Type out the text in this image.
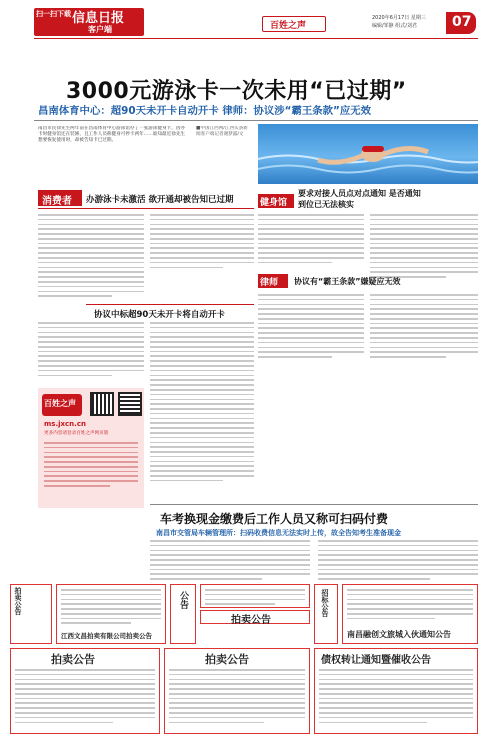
扫一扫下载 信息日报
客户端	百姓之声
2020年6月17日 星期三
编辑/邹静 组式/刘君	07
3000元游泳卡一次未用“已过期”
昌南体育中心：超90天未开卡自动开卡 律师：协议涉“霸王条款”应无效
南昌市民徐先生两年前在昌南体育中心游泳馆办了一张游泳健身卡，因办卡时健身馆还在装修，且工作人员称健身可停卡两年……谁知最近徐先生想要恢复使用时，却被告知卡已过期。
■中国江西网/江西头条新闻客户端记者谢梦露/文
消费者 办游泳卡未激活 欲开通却被告知已过期
协议中标超90天未开卡将自动开卡
百姓之声
ms.jxcn.cn
更多内容请登录百姓之声网页版
健身馆
要求对接人员点对点通知 是否通知到位已无法核实
律师 协议有“霸王条款”嫌疑应无效
车考换现金缴费后工作人员又称可扫码付费
南昌市交管局车辆管理所：扫码收费信息无法实时上传，故全告知考生准备现金
拍卖公告
江西文昌拍卖有限公司拍卖公告
公告
拍卖公告
招标公告
南昌融创文旅城入伙通知公告
拍卖公告	拍卖公告	债权转让通知暨催收公告
